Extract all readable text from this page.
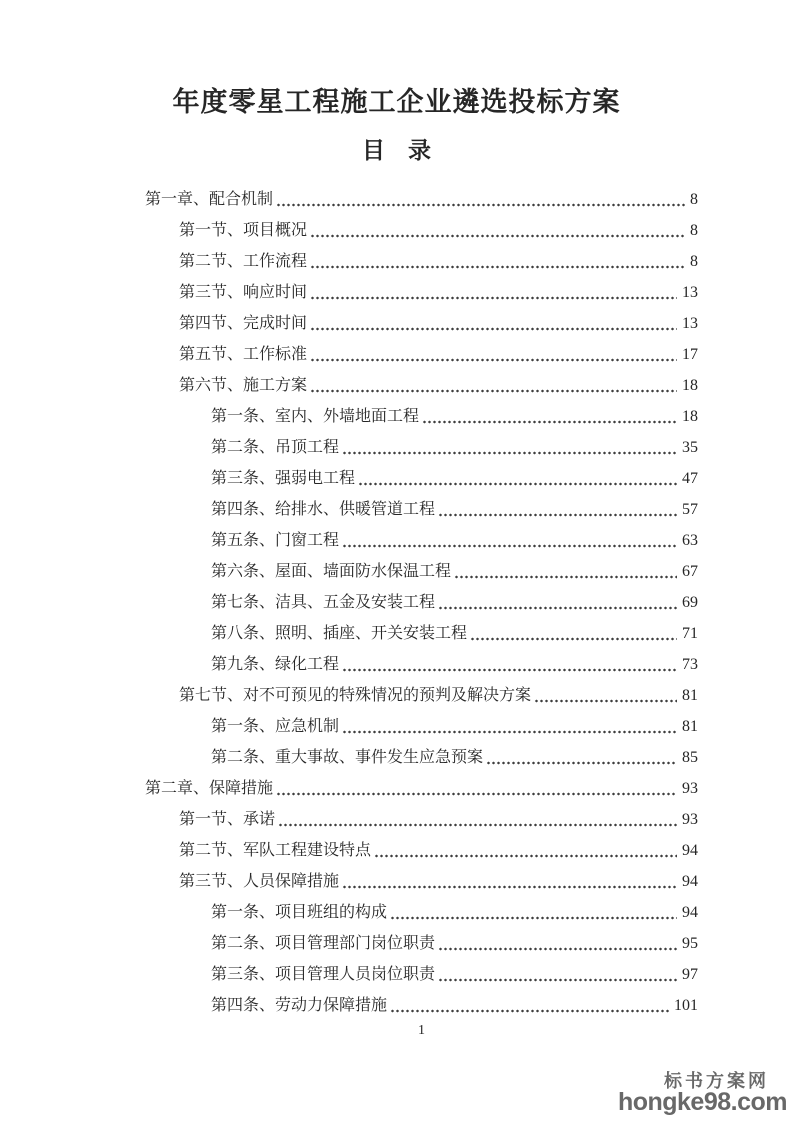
年度零星工程施工企业遴选投标方案
目　录
第一章、配合机制	8
第一节、项目概况	8
第二节、工作流程	8
第三节、响应时间	13
第四节、完成时间	13
第五节、工作标准	17
第六节、施工方案	18
第一条、室内、外墙地面工程	18
第二条、吊顶工程	35
第三条、强弱电工程	47
第四条、给排水、供暖管道工程	57
第五条、门窗工程	63
第六条、屋面、墙面防水保温工程	67
第七条、洁具、五金及安装工程	69
第八条、照明、插座、开关安装工程	71
第九条、绿化工程	73
第七节、对不可预见的特殊情况的预判及解决方案	81
第一条、应急机制	81
第二条、重大事故、事件发生应急预案	85
第二章、保障措施	93
第一节、承诺	93
第二节、军队工程建设特点	94
第三节、人员保障措施	94
第一条、项目班组的构成	94
第二条、项目管理部门岗位职责	95
第三条、项目管理人员岗位职责	97
第四条、劳动力保障措施	101
1
标书方案网
hongke98.com
